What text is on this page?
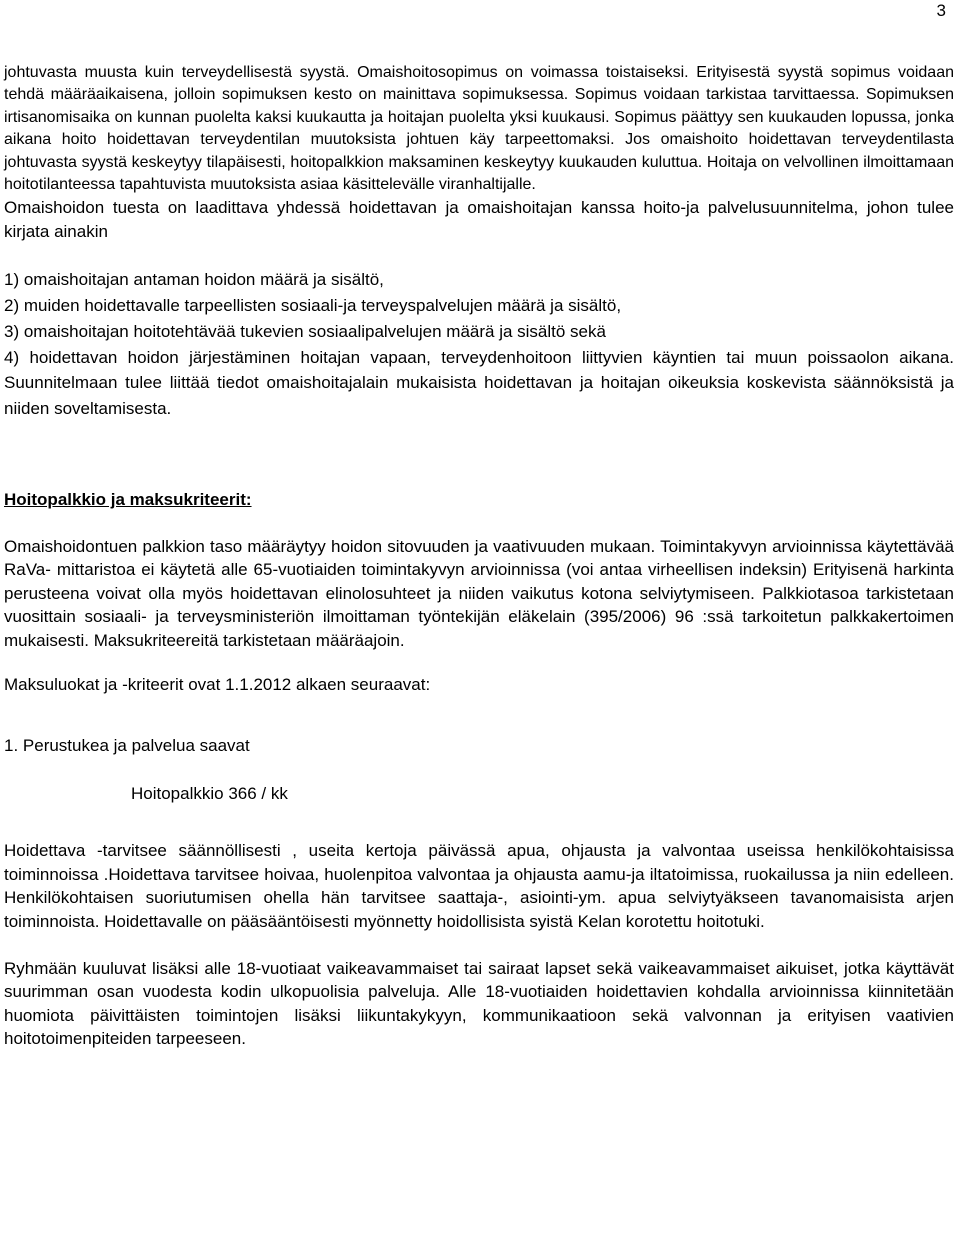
3

johtuvasta muusta kuin terveydellisestä syystä. Omaishoitosopimus on voimassa toistaiseksi. Erityisestä syystä sopimus voidaan tehdä määräaikaisena, jolloin sopimuksen kesto on mainittava sopimuksessa. Sopimus voidaan tarkistaa tarvittaessa. Sopimuksen irtisanomisaika on kunnan puolelta kaksi kuukautta ja hoitajan puolelta yksi kuukausi. Sopimus päättyy sen kuukauden lopussa, jonka aikana hoito hoidettavan terveydentilan muutoksista johtuen käy tarpeettomaksi. Jos omaishoito hoidettavan terveydentilasta johtuvasta syystä keskeytyy tilapäisesti, hoitopalkkion maksaminen keskeytyy kuukauden kuluttua. Hoitaja on velvollinen ilmoittamaan hoitotilanteessa tapahtuvista muutoksista asiaa käsittelevälle viranhaltijalle.

Omaishoidon tuesta on laadittava yhdessä hoidettavan ja omaishoitajan kanssa hoito-ja palvelusuunnitelma, johon tulee kirjata ainakin

1) omaishoitajan antaman hoidon määrä ja sisältö,

2) muiden hoidettavalle tarpeellisten sosiaali-ja terveyspalvelujen määrä ja sisältö,

3) omaishoitajan hoitotehtävää tukevien sosiaalipalvelujen määrä ja sisältö sekä

4) hoidettavan hoidon järjestäminen hoitajan vapaan, terveydenhoitoon liittyvien käyntien tai muun poissaolon aikana. Suunnitelmaan tulee liittää tiedot omaishoitajalain mukaisista hoidettavan ja hoitajan oikeuksia koskevista säännöksistä ja niiden soveltamisesta.

Hoitopalkkio ja maksukriteerit:

Omaishoidontuen palkkion taso määräytyy hoidon sitovuuden ja vaativuuden mukaan. Toimintakyvyn arvioinnissa käytettävää RaVa- mittaristoa ei käytetä alle 65-vuotiaiden toimintakyvyn arvioinnissa (voi antaa virheellisen indeksin) Erityisenä harkinta perusteena voivat olla myös hoidettavan elinolosuhteet ja niiden vaikutus kotona selviytymiseen. Palkkiotasoa tarkistetaan vuosittain sosiaali- ja terveysministeriön ilmoittaman työntekijän eläkelain (395/2006) 96 :ssä tarkoitetun palkkakertoimen mukaisesti. Maksukriteereitä tarkistetaan määräajoin.

Maksuluokat ja -kriteerit ovat 1.1.2012 alkaen seuraavat:

1. Perustukea ja palvelua saavat

Hoitopalkkio 366 / kk

Hoidettava -tarvitsee säännöllisesti , useita kertoja päivässä apua, ohjausta ja valvontaa useissa henkilökohtaisissa toiminnoissa .Hoidettava tarvitsee hoivaa, huolenpitoa valvontaa ja ohjausta aamu-ja iltatoimissa, ruokailussa ja niin edelleen. Henkilökohtaisen suoriutumisen ohella hän tarvitsee saattaja-, asiointi-ym. apua selviytyäkseen tavanomaisista arjen toiminnoista. Hoidettavalle on pääsääntöisesti myönnetty hoidollisista syistä Kelan korotettu hoitotuki.

Ryhmään kuuluvat lisäksi alle 18-vuotiaat vaikeavammaiset tai sairaat lapset sekä vaikeavammaiset aikuiset, jotka käyttävät suurimman osan vuodesta kodin ulkopuolisia palveluja. Alle 18-vuotiaiden hoidettavien kohdalla arvioinnissa kiinnitetään huomiota päivittäisten toimintojen lisäksi liikuntakykyyn, kommunikaatioon sekä valvonnan ja erityisen vaativien hoitotoimenpiteiden tarpeeseen.
